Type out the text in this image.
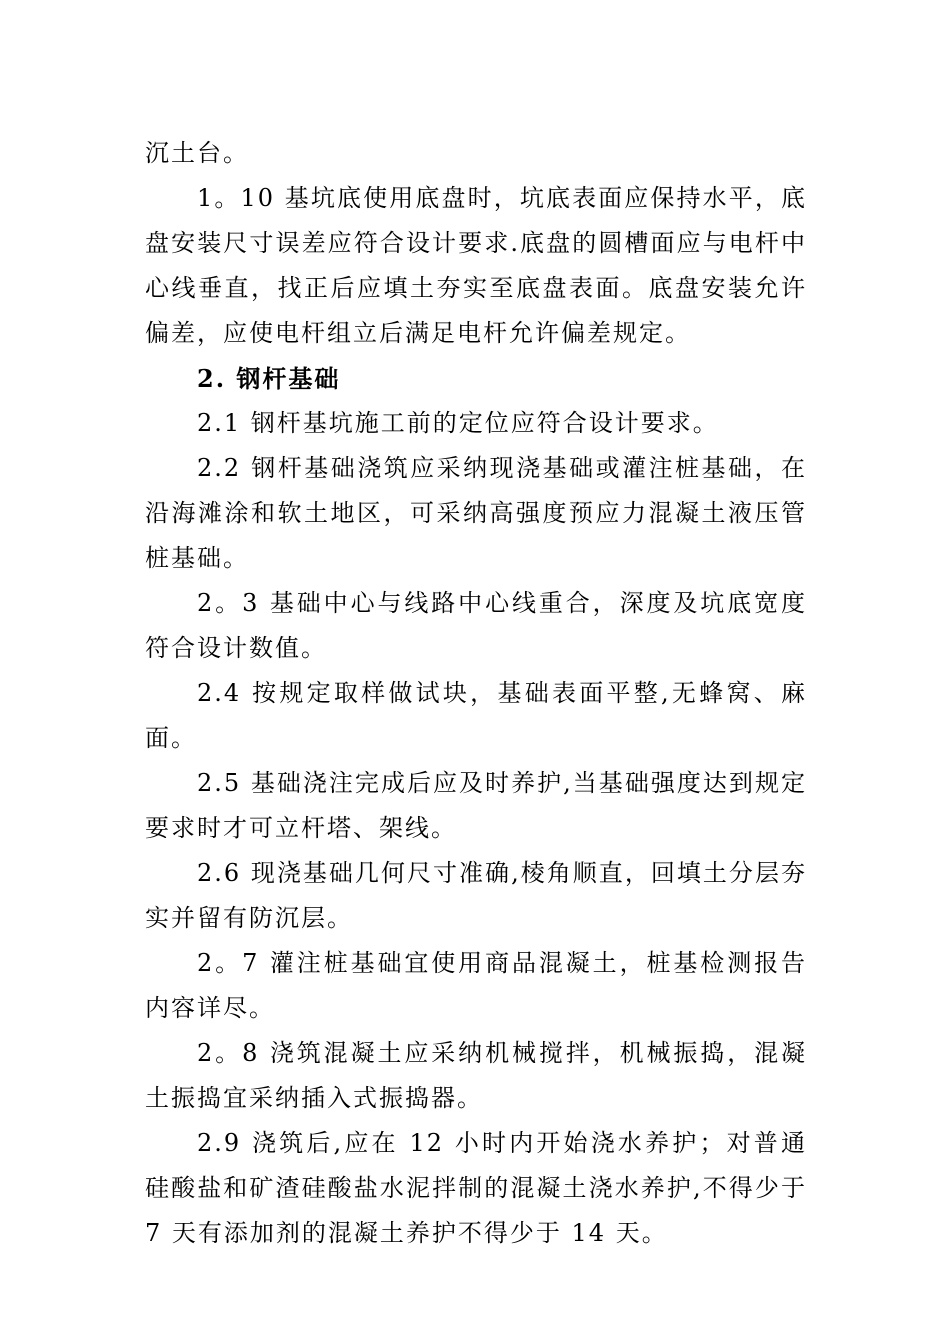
沉土台。

1。10 基坑底使用底盘时，坑底表面应保持水平，底盘安装尺寸误差应符合设计要求.底盘的圆槽面应与电杆中心线垂直，找正后应填土夯实至底盘表面。底盘安装允许偏差，应使电杆组立后满足电杆允许偏差规定。

2. 钢杆基础

2.1 钢杆基坑施工前的定位应符合设计要求。

2.2 钢杆基础浇筑应采纳现浇基础或灌注桩基础，在沿海滩涂和软土地区，可采纳高强度预应力混凝土液压管桩基础。

2。3 基础中心与线路中心线重合，深度及坑底宽度符合设计数值。

2.4 按规定取样做试块，基础表面平整,无蜂窝、麻面。

2.5 基础浇注完成后应及时养护,当基础强度达到规定要求时才可立杆塔、架线。

2.6 现浇基础几何尺寸准确,棱角顺直，回填土分层夯实并留有防沉层。

2。7 灌注桩基础宜使用商品混凝土，桩基检测报告内容详尽。

2。8 浇筑混凝土应采纳机械搅拌，机械振捣，混凝土振捣宜采纳插入式振捣器。

2.9 浇筑后,应在 12 小时内开始浇水养护；对普通硅酸盐和矿渣硅酸盐水泥拌制的混凝土浇水养护,不得少于 7 天有添加剂的混凝土养护不得少于 14 天。
